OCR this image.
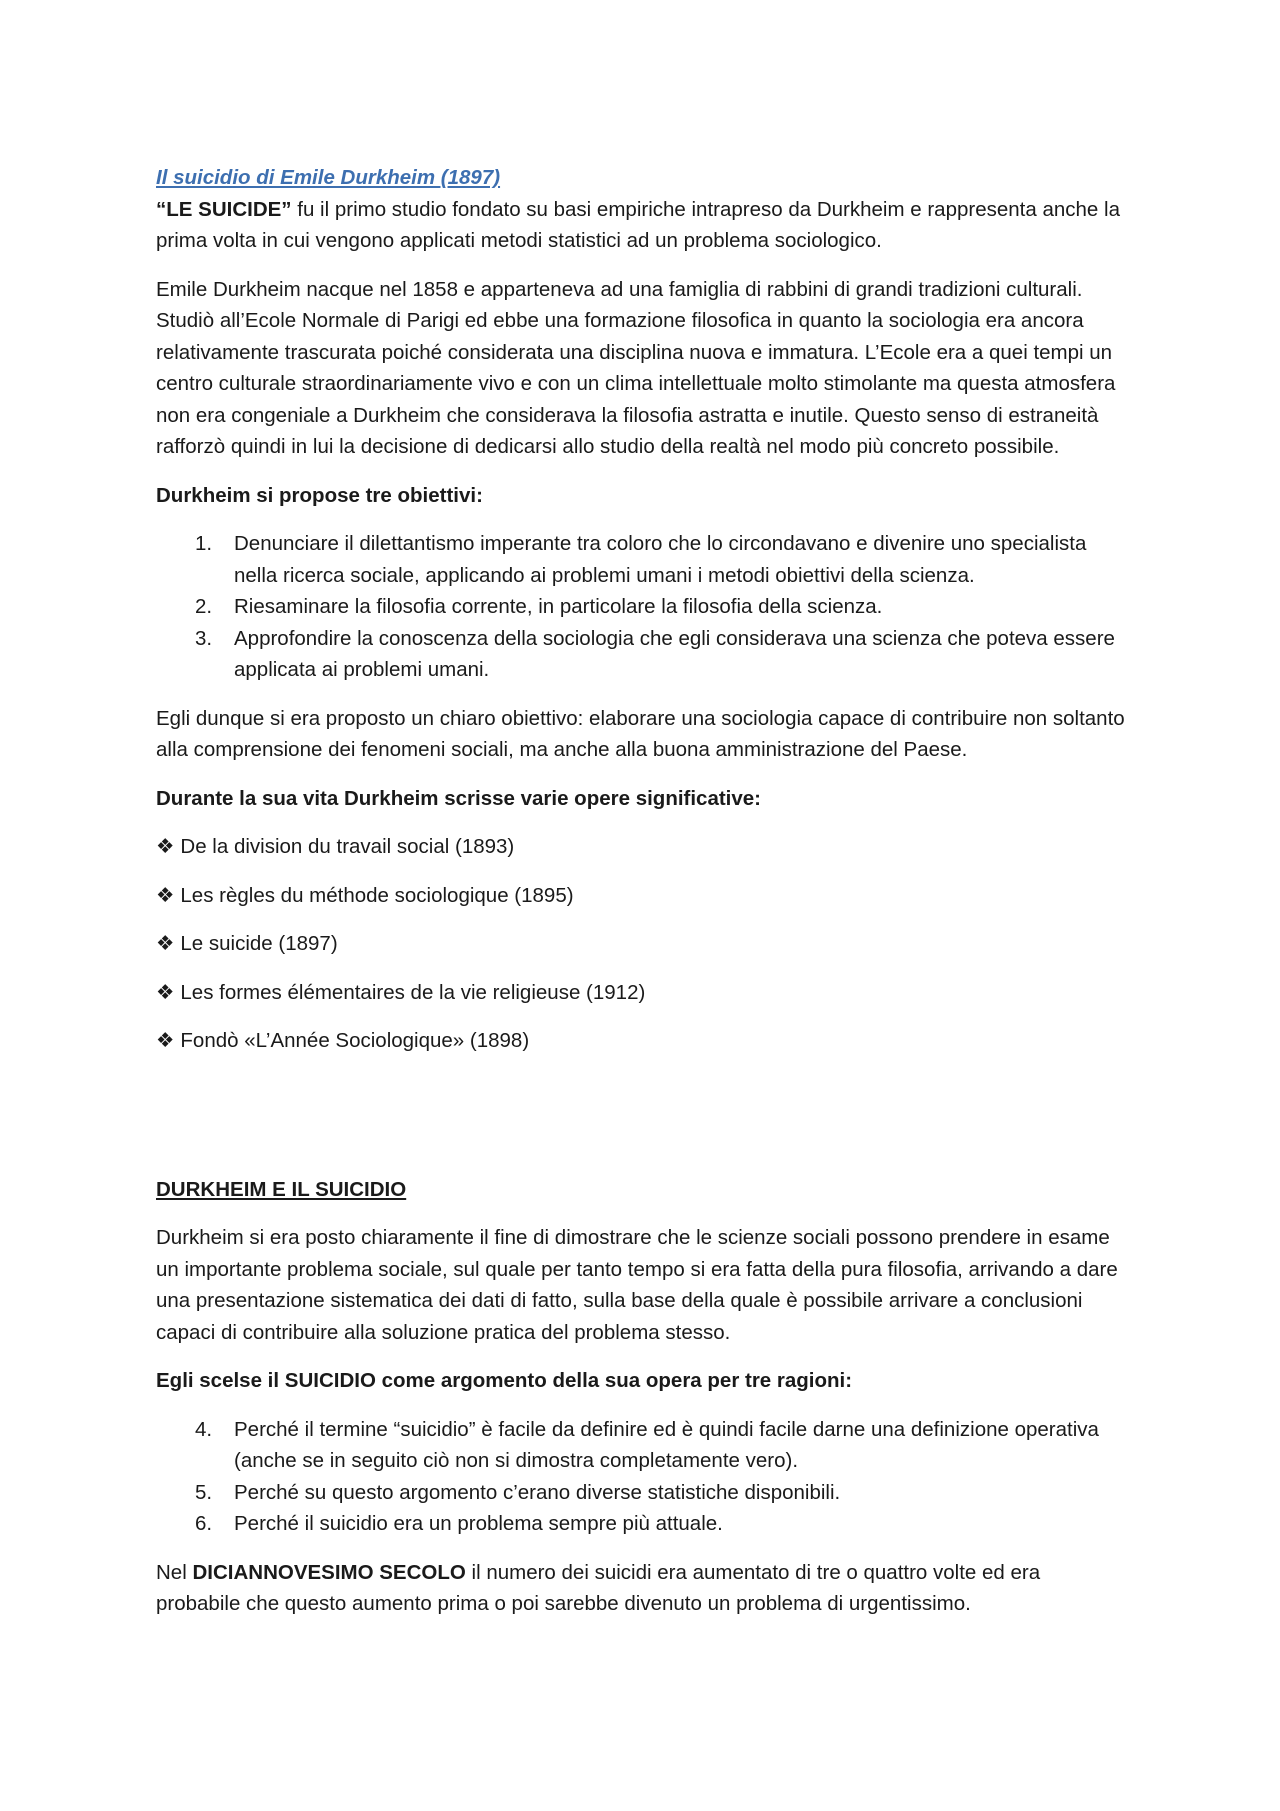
Il suicidio di Emile Durkheim (1897)

“LE SUICIDE” fu il primo studio fondato su basi empiriche intrapreso da Durkheim e rappresenta anche la prima volta in cui vengono applicati metodi statistici ad un problema sociologico.

Emile Durkheim nacque nel 1858 e apparteneva ad una famiglia di rabbini di grandi tradizioni culturali. Studiò all’Ecole Normale di Parigi ed ebbe una formazione filosofica in quanto la sociologia era ancora relativamente trascurata poiché considerata una disciplina nuova e immatura. L’Ecole era a quei tempi un centro culturale straordinariamente vivo e con un clima intellettuale molto stimolante ma questa atmosfera non era congeniale a Durkheim che considerava la filosofia astratta e inutile. Questo senso di estraneità rafforzò quindi in lui la decisione di dedicarsi allo studio della realtà nel modo più concreto possibile.

Durkheim si propose tre obiettivi:

1. Denunciare il dilettantismo imperante tra coloro che lo circondavano e divenire uno specialista nella ricerca sociale, applicando ai problemi umani i metodi obiettivi della scienza.
2. Riesaminare la filosofia corrente, in particolare la filosofia della scienza.
3. Approfondire la conoscenza della sociologia che egli considerava una scienza che poteva essere applicata ai problemi umani.

Egli dunque si era proposto un chiaro obiettivo: elaborare una sociologia capace di contribuire non soltanto alla comprensione dei fenomeni sociali, ma anche alla buona amministrazione del Paese.

Durante la sua vita Durkheim scrisse varie opere significative:

❖ De la division du travail social (1893)

❖ Les règles du méthode sociologique (1895)

❖ Le suicide (1897)

❖ Les formes élémentaires de la vie religieuse (1912)

❖ Fondò «L’Année Sociologique» (1898)

DURKHEIM E IL SUICIDIO

Durkheim si era posto chiaramente il fine di dimostrare che le scienze sociali possono prendere in esame un importante problema sociale, sul quale per tanto tempo si era fatta della pura filosofia, arrivando a dare una presentazione sistematica dei dati di fatto, sulla base della quale è possibile arrivare a conclusioni capaci di contribuire alla soluzione pratica del problema stesso.

Egli scelse il SUICIDIO come argomento della sua opera per tre ragioni:

4. Perché il termine “suicidio” è facile da definire ed è quindi facile darne una definizione operativa (anche se in seguito ciò non si dimostra completamente vero).
5. Perché su questo argomento c’erano diverse statistiche disponibili.
6. Perché il suicidio era un problema sempre più attuale.

Nel DICIANNOVESIMO SECOLO il numero dei suicidi era aumentato di tre o quattro volte ed era probabile che questo aumento prima o poi sarebbe divenuto un problema di urgentissimo.
